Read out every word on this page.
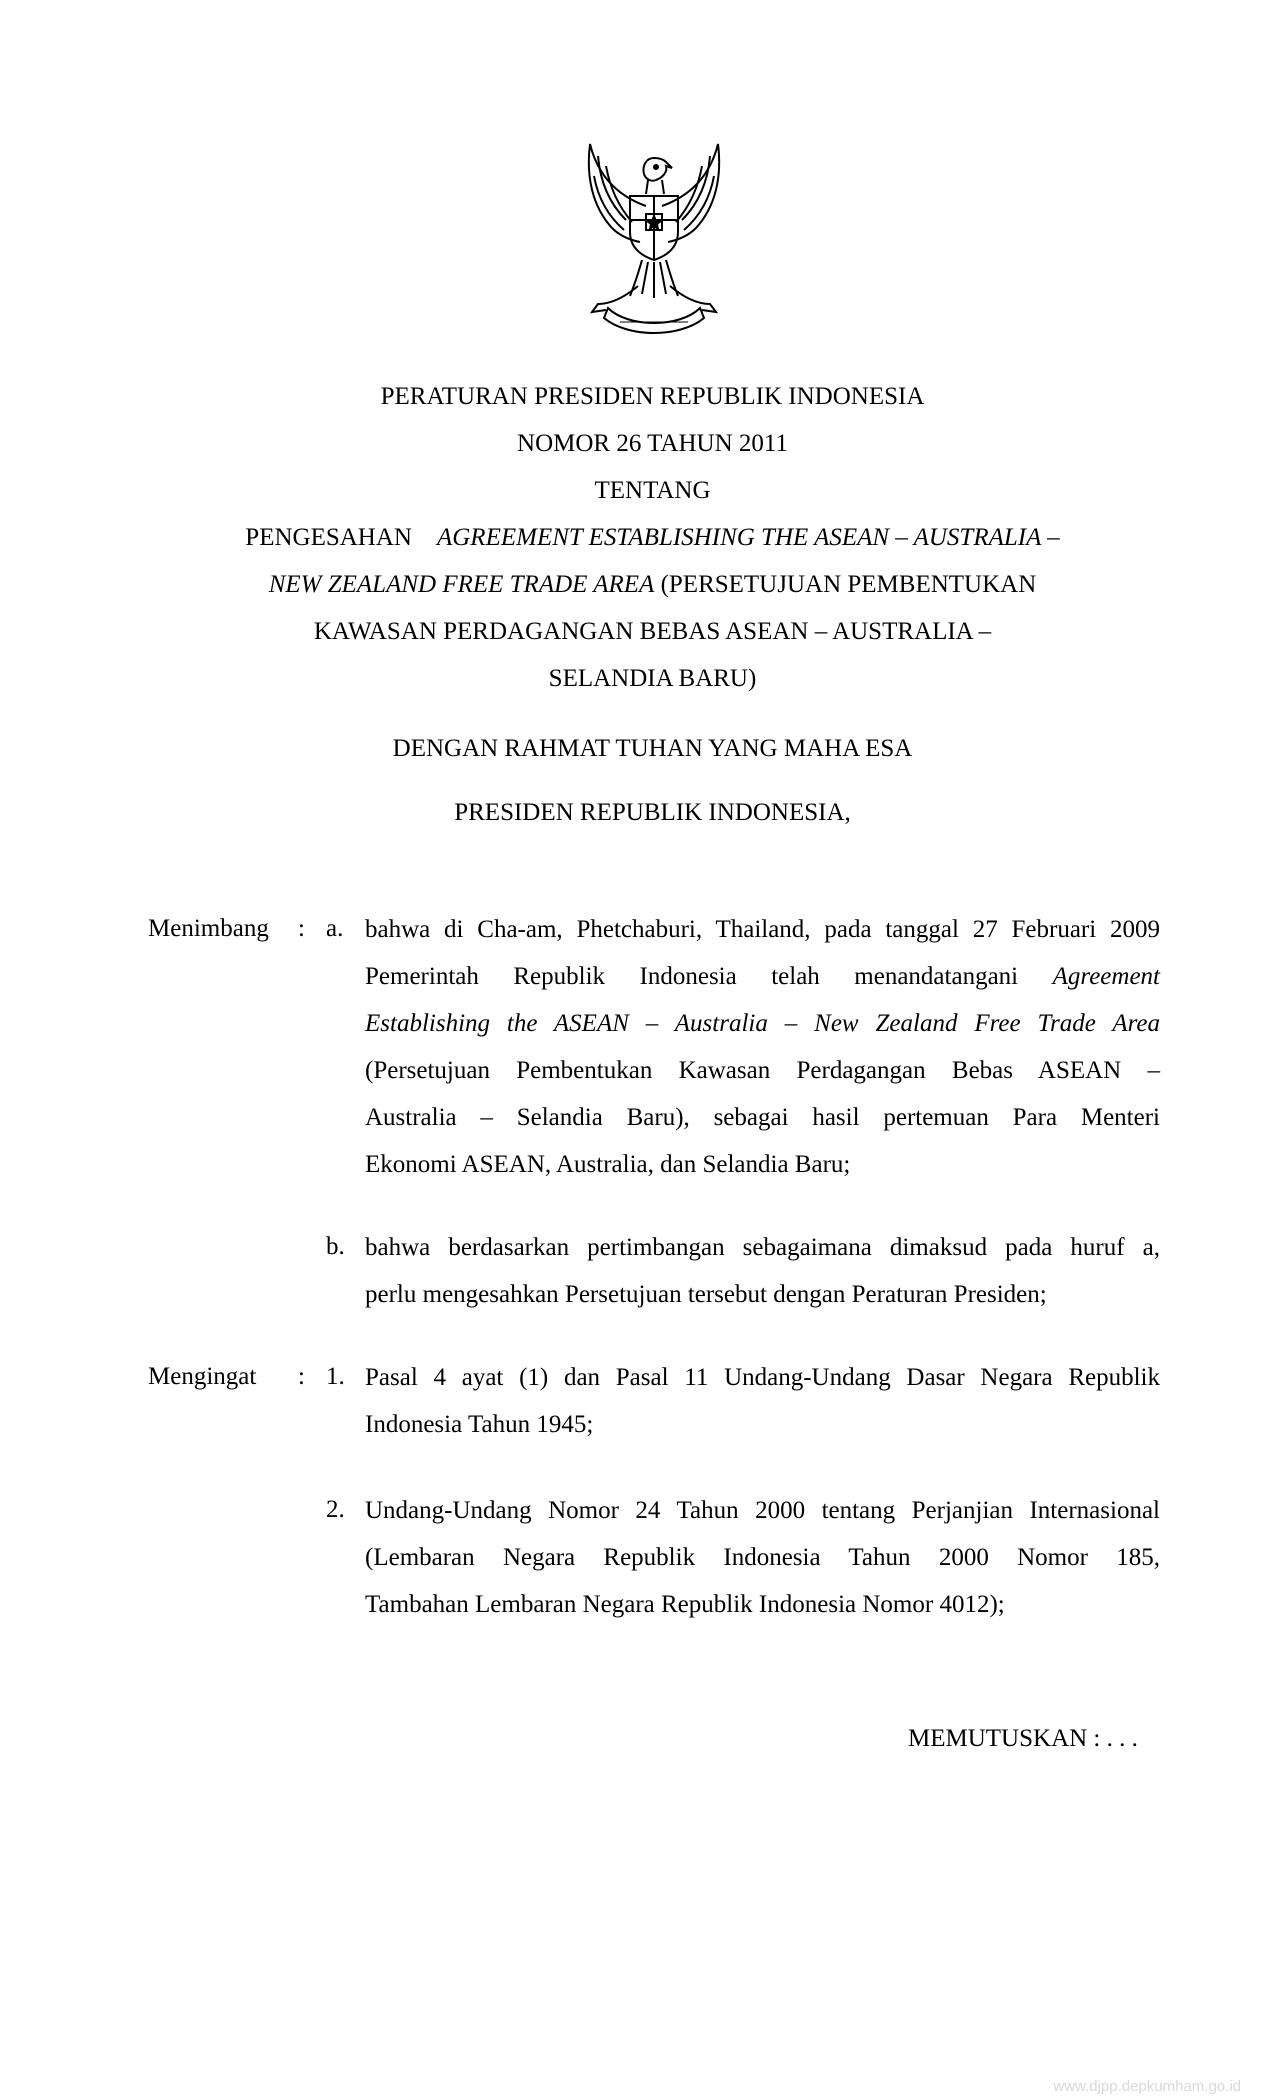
PERATURAN PRESIDEN REPUBLIK INDONESIA
NOMOR 26 TAHUN 2011
TENTANG
PENGESAHAN AGREEMENT ESTABLISHING THE ASEAN – AUSTRALIA –
NEW ZEALAND FREE TRADE AREA (PERSETUJUAN PEMBENTUKAN
KAWASAN PERDAGANGAN BEBAS ASEAN – AUSTRALIA –
SELANDIA BARU)
DENGAN RAHMAT TUHAN YANG MAHA ESA
PRESIDEN REPUBLIK INDONESIA,
Menimbang : a. bahwa di Cha-am, Phetchaburi, Thailand, pada tanggal 27 Februari 2009
Pemerintah Republik Indonesia telah menandatangani Agreement
Establishing the ASEAN – Australia – New Zealand Free Trade Area
(Persetujuan Pembentukan Kawasan Perdagangan Bebas ASEAN –
Australia – Selandia Baru), sebagai hasil pertemuan Para Menteri
Ekonomi ASEAN, Australia, dan Selandia Baru;
b. bahwa berdasarkan pertimbangan sebagaimana dimaksud pada huruf a,
perlu mengesahkan Persetujuan tersebut dengan Peraturan Presiden;
Mengingat : 1. Pasal 4 ayat (1) dan Pasal 11 Undang-Undang Dasar Negara Republik
Indonesia Tahun 1945;
2. Undang-Undang Nomor 24 Tahun 2000 tentang Perjanjian Internasional
(Lembaran Negara Republik Indonesia Tahun 2000 Nomor 185,
Tambahan Lembaran Negara Republik Indonesia Nomor 4012);
MEMUTUSKAN : . . .
www.djpp.depkumham.go.id
